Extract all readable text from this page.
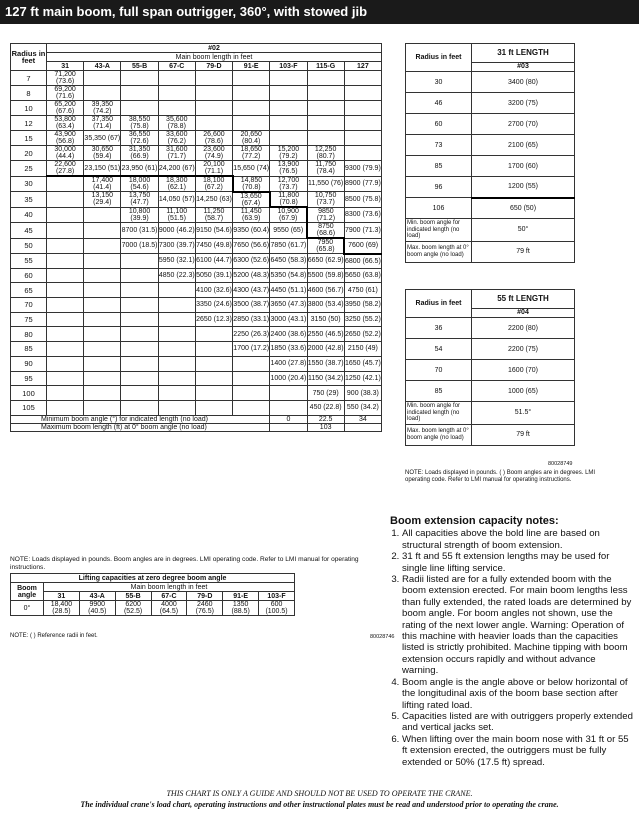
127 ft main boom, full span outrigger, 360°, with stowed jib
Radius in feet	#02								
	Main boom length in feet								
	31	43-A	55-B	67-C	79-D	91-E	103-F	115-G	127
7	71,200 (73.6)								
8	69,200 (71.6)								
10	65,200 (67.6)	39,350 (74.2)							
12	53,800 (63.4)	37,350 (71.4)	38,550 (75.8)	35,600 (78.8)					
15	43,900 (56.8)	35,350 (67)	36,550 (72.6)	33,600 (76.2)	26,600 (78.6)	20,650 (80.4)			
20	30,000 (44.4)	30,650 (59.4)	31,350 (66.9)	31,600 (71.7)	23,600 (74.9)	18,650 (77.2)	15,200 (79.2)	12,250 (80.7)	
25	22,600 (27.8)	23,150 (51)	23,950 (61)	24,200 (67)	20,100 (71.1)	15,650 (74)	13,900 (76.5)	11,750 (78.4)	9300 (79.9)
30		17,400 (41.4)	18,000 (54.6)	18,300 (62.1)	18,100 (67.2)	14,850 (70.8)	12,700 (73.7)	11,550 (76)	8900 (77.9)
35		13,150 (29.4)	13,750 (47.7)	14,050 (57)	14,250 (63)	13,650 (67.4)	11,800 (70.8)	10,750 (73.7)	8500 (75.8)
40			10,800 (39.9)	11,100 (51.5)	11,250 (58.7)	11,450 (63.9)	10,900 (67.9)	9850 (71.2)	8300 (73.6)
45			8700 (31.5)	9000 (46.2)	9150 (54.6)	9350 (60.4)	9550 (65)	8750 (68.6)	7900 (71.3)
50			7000 (18.5)	7300 (39.7)	7450 (49.8)	7650 (56.6)	7850 (61.7)	7950 (65.8)	7600 (69)
55				5950 (32.1)	6100 (44.7)	6300 (52.6)	6450 (58.3)	6650 (62.9)	6800 (66.5)
60				4850 (22.3)	5050 (39.1)	5200 (48.3)	5350 (54.8)	5500 (59.8)	5650 (63.8)
65					4100 (32.6)	4300 (43.7)	4450 (51.1)	4600 (56.7)	4750 (61)
70					3350 (24.6)	3500 (38.7)	3650 (47.3)	3800 (53.4)	3950 (58.2)
75					2650 (12.3)	2850 (33.1)	3000 (43.1)	3150 (50)	3250 (55.2)
80						2250 (26.3)	2400 (38.6)	2550 (46.5)	2650 (52.2)
85						1700 (17.2)	1850 (33.6)	2000 (42.8)	2150 (49)
90							1400 (27.8)	1550 (38.7)	1650 (45.7)
95							1000 (20.4)	1150 (34.2)	1250 (42.1)
100								750 (29)	900 (38.3)
105								450 (22.8)	550 (34.2)
Minimum boom angle (°) for indicated length (no load)							0	22.5	34
Maximum boom length (ft) at 0° boom angle (no load)								103	
NOTE: Loads displayed in pounds. Boom angles are in degrees. LMI operating code. Refer to LMI manual for operating instructions.
Lifting capacities at zero degree boom angle							
Boom angle	Main boom length in feet						
	31	43-A	55-B	67-C	79-D	91-E	103-F
0°	18,400 (28.5)	9900 (40.5)	6200 (52.5)	4000 (64.5)	2460 (76.5)	1350 (88.5)	600 (100.5)
NOTE: ( ) Reference radii in feet.	80028746
Radius in feet	31 ft LENGTH
	#03
30	3400 (80)
46	3200 (75)
60	2700 (70)
73	2100 (65)
85	1700 (60)
96	1200 (55)
106	650 (50)
Min. boom angle for indicated length (no load)	50°
Max. boom length at 0° boom angle (no load)	79 ft
Radius in feet	55 ft LENGTH
	#04
36	2200 (80)
54	2200 (75)
70	1600 (70)
85	1000 (65)
Min. boom angle for indicated length (no load)	51.5°
Max. boom length at 0° boom angle (no load)	79 ft
80028749
NOTE: Loads displayed in pounds. ( ) Boom angles are in degrees. LMI operating code. Refer to LMI manual for operating instructions.
Boom extension capacity notes:
1. All capacities above the bold line are based on structural strength of boom extension.
2. 31 ft and 55 ft extension lengths may be used for single line lifting service.
3. Radii listed are for a fully extended boom with the boom extension erected. For main boom lengths less than fully extended, the rated loads are determined by boom angle. For boom angles not shown, use the rating of the next lower angle. Warning: Operation of this machine with heavier loads than the capacities listed is strictly prohibited. Machine tipping with boom extension occurs rapidly and without advance warning.
4. Boom angle is the angle above or below horizontal of the longitudinal axis of the boom base section after lifting rated load.
5. Capacities listed are with outriggers properly extended and vertical jacks set.
6. When lifting over the main boom nose with 31 ft or 55 ft extension erected, the outriggers must be fully extended or 50% (17.5 ft) spread.
THIS CHART IS ONLY A GUIDE AND SHOULD NOT BE USED TO OPERATE THE CRANE.
The individual crane's load chart, operating instructions and other instructional plates must be read and understood prior to operating the crane.
